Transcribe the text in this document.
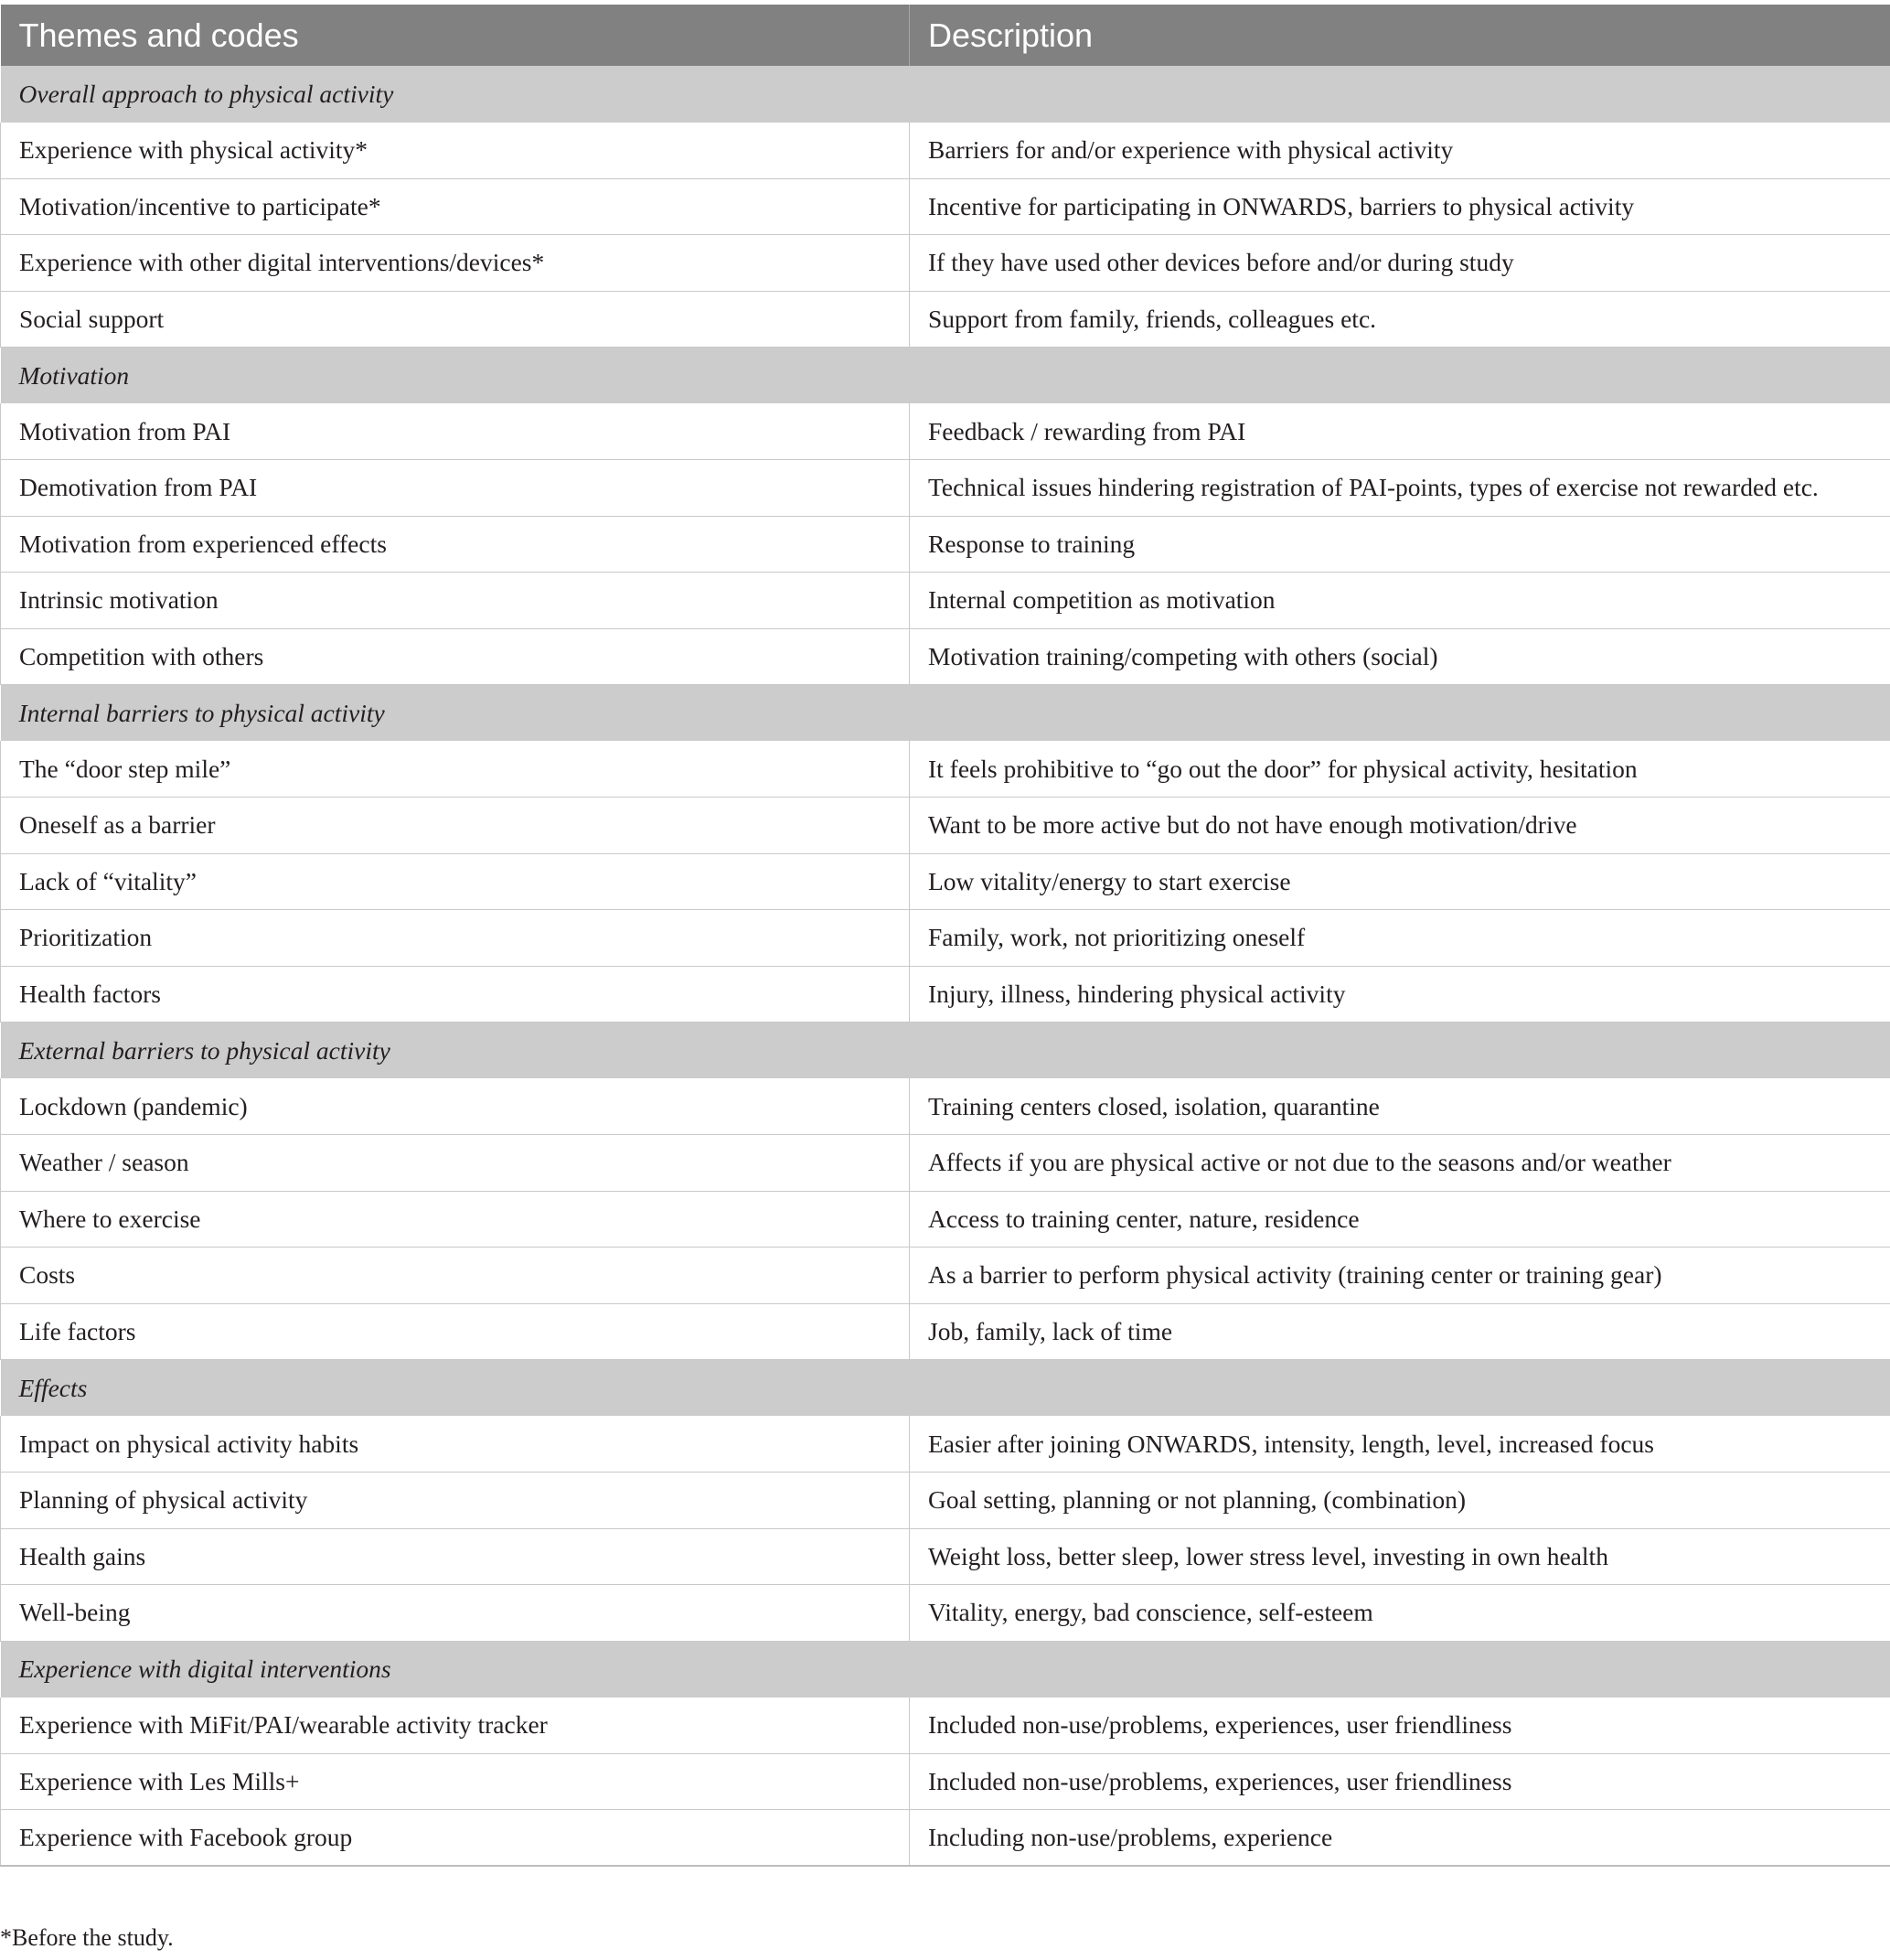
Themes and codes	Description
Overall approach to physical activity	
Experience with physical activity*	Barriers for and/or experience with physical activity
Motivation/incentive to participate*	Incentive for participating in ONWARDS, barriers to physical activity
Experience with other digital interventions/devices*	If they have used other devices before and/or during study
Social support	Support from family, friends, colleagues etc.
Motivation	
Motivation from PAI	Feedback / rewarding from PAI
Demotivation from PAI	Technical issues hindering registration of PAI-points, types of exercise not rewarded etc.
Motivation from experienced effects	Response to training
Intrinsic motivation	Internal competition as motivation
Competition with others	Motivation training/competing with others (social)
Internal barriers to physical activity	
The “door step mile”	It feels prohibitive to “go out the door” for physical activity, hesitation
Oneself as a barrier	Want to be more active but do not have enough motivation/drive
Lack of “vitality”	Low vitality/energy to start exercise
Prioritization	Family, work, not prioritizing oneself
Health factors	Injury, illness, hindering physical activity
External barriers to physical activity	
Lockdown (pandemic)	Training centers closed, isolation, quarantine
Weather / season	Affects if you are physical active or not due to the seasons and/or weather
Where to exercise	Access to training center, nature, residence
Costs	As a barrier to perform physical activity (training center or training gear)
Life factors	Job, family, lack of time
Effects	
Impact on physical activity habits	Easier after joining ONWARDS, intensity, length, level, increased focus
Planning of physical activity	Goal setting, planning or not planning, (combination)
Health gains	Weight loss, better sleep, lower stress level, investing in own health
Well-being	Vitality, energy, bad conscience, self-esteem
Experience with digital interventions	
Experience with MiFit/PAI/wearable activity tracker	Included non-use/problems, experiences, user friendliness
Experience with Les Mills+	Included non-use/problems, experiences, user friendliness
Experience with Facebook group	Including non-use/problems, experience
*Before the study.
